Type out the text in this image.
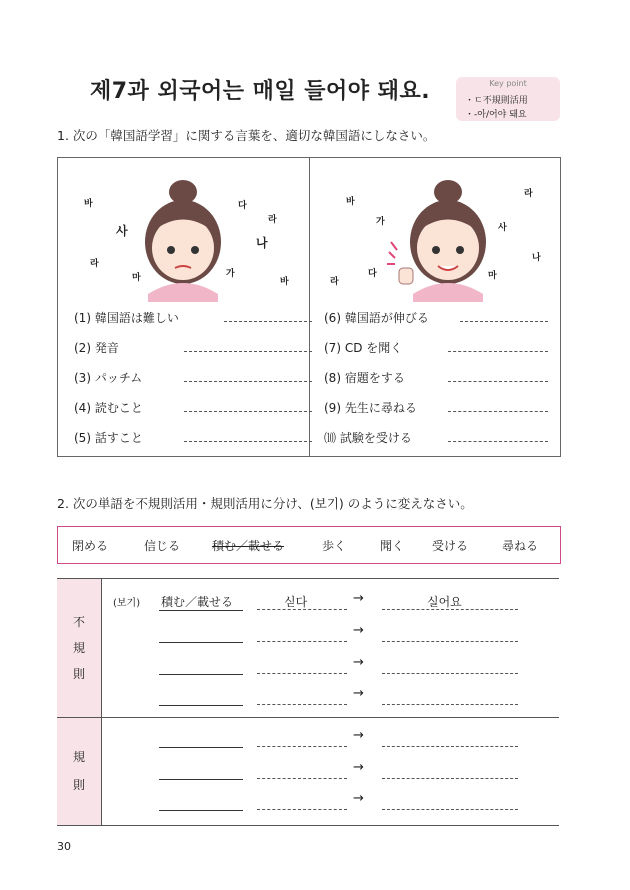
제7과 외국어는 매일 들어야 돼요.	Key point
・ㄷ不規則活用
・-아/어야 돼요
1. 次の「韓国語学習」に関する言葉を、適切な韓国語にしなさい。
바
사
다
라
나
라
마	가
바
바
가
라
사
다
라
나
마
(1) 韓国語は難しい
(2) 発音
(3) パッチム
(4) 読むこと
(5) 話すこと
(6) 韓国語が伸びる
(7) CD を聞く
(8) 宿題をする
(9) 先生に尋ねる
⑽ 試験を受ける
2. 次の単語を不規則活用・規則活用に分け、(보기) のように変えなさい。
閉める	信じる	積む／載せる	歩く	聞く 受ける	尋ねる
不
規
則
規
則
(보기) 積む／載せる	싣다	→	실어요
→
→
→
→
→
→
30
